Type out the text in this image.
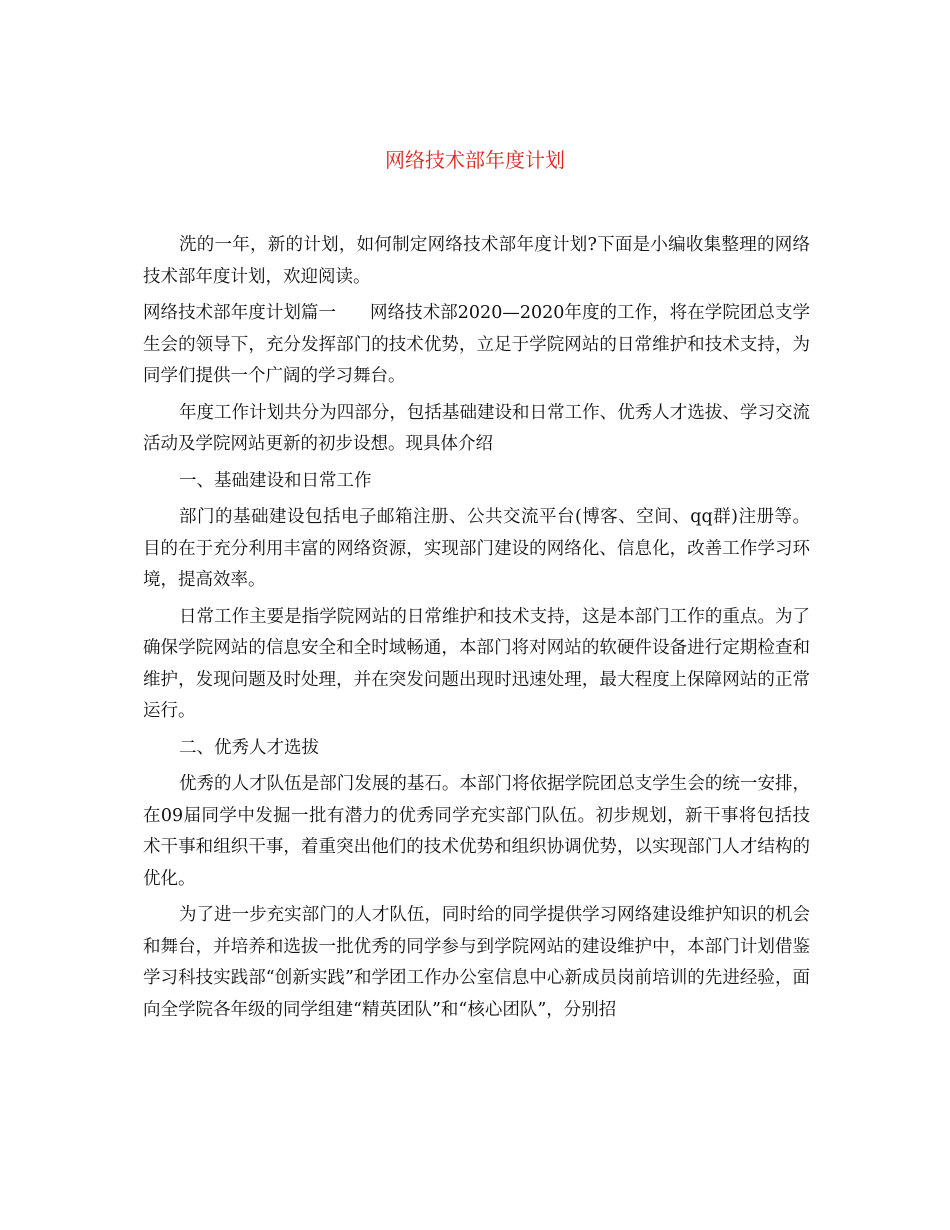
网络技术部年度计划

洗的一年，新的计划，如何制定网络技术部年度计划?下面是小编收集整理的网络技术部年度计划，欢迎阅读。

网络技术部年度计划篇一 网络技术部2020—2020年度的工作，将在学院团总支学生会的领导下，充分发挥部门的技术优势，立足于学院网站的日常维护和技术支持，为同学们提供一个广阔的学习舞台。

年度工作计划共分为四部分，包括基础建设和日常工作、优秀人才选拔、学习交流活动及学院网站更新的初步设想。现具体介绍

一、基础建设和日常工作

部门的基础建设包括电子邮箱注册、公共交流平台(博客、空间、qq群)注册等。目的在于充分利用丰富的网络资源，实现部门建设的网络化、信息化，改善工作学习环境，提高效率。

日常工作主要是指学院网站的日常维护和技术支持，这是本部门工作的重点。为了确保学院网站的信息安全和全时域畅通，本部门将对网站的软硬件设备进行定期检查和维护，发现问题及时处理，并在突发问题出现时迅速处理，最大程度上保障网站的正常运行。

二、优秀人才选拔

优秀的人才队伍是部门发展的基石。本部门将依据学院团总支学生会的统一安排，在09届同学中发掘一批有潜力的优秀同学充实部门队伍。初步规划，新干事将包括技术干事和组织干事，着重突出他们的技术优势和组织协调优势，以实现部门人才结构的优化。

为了进一步充实部门的人才队伍，同时给的同学提供学习网络建设维护知识的机会和舞台，并培养和选拔一批优秀的同学参与到学院网站的建设维护中，本部门计划借鉴学习科技实践部“创新实践”和学团工作办公室信息中心新成员岗前培训的先进经验，面向全学院各年级的同学组建“精英团队”和“核心团队”，分别招
